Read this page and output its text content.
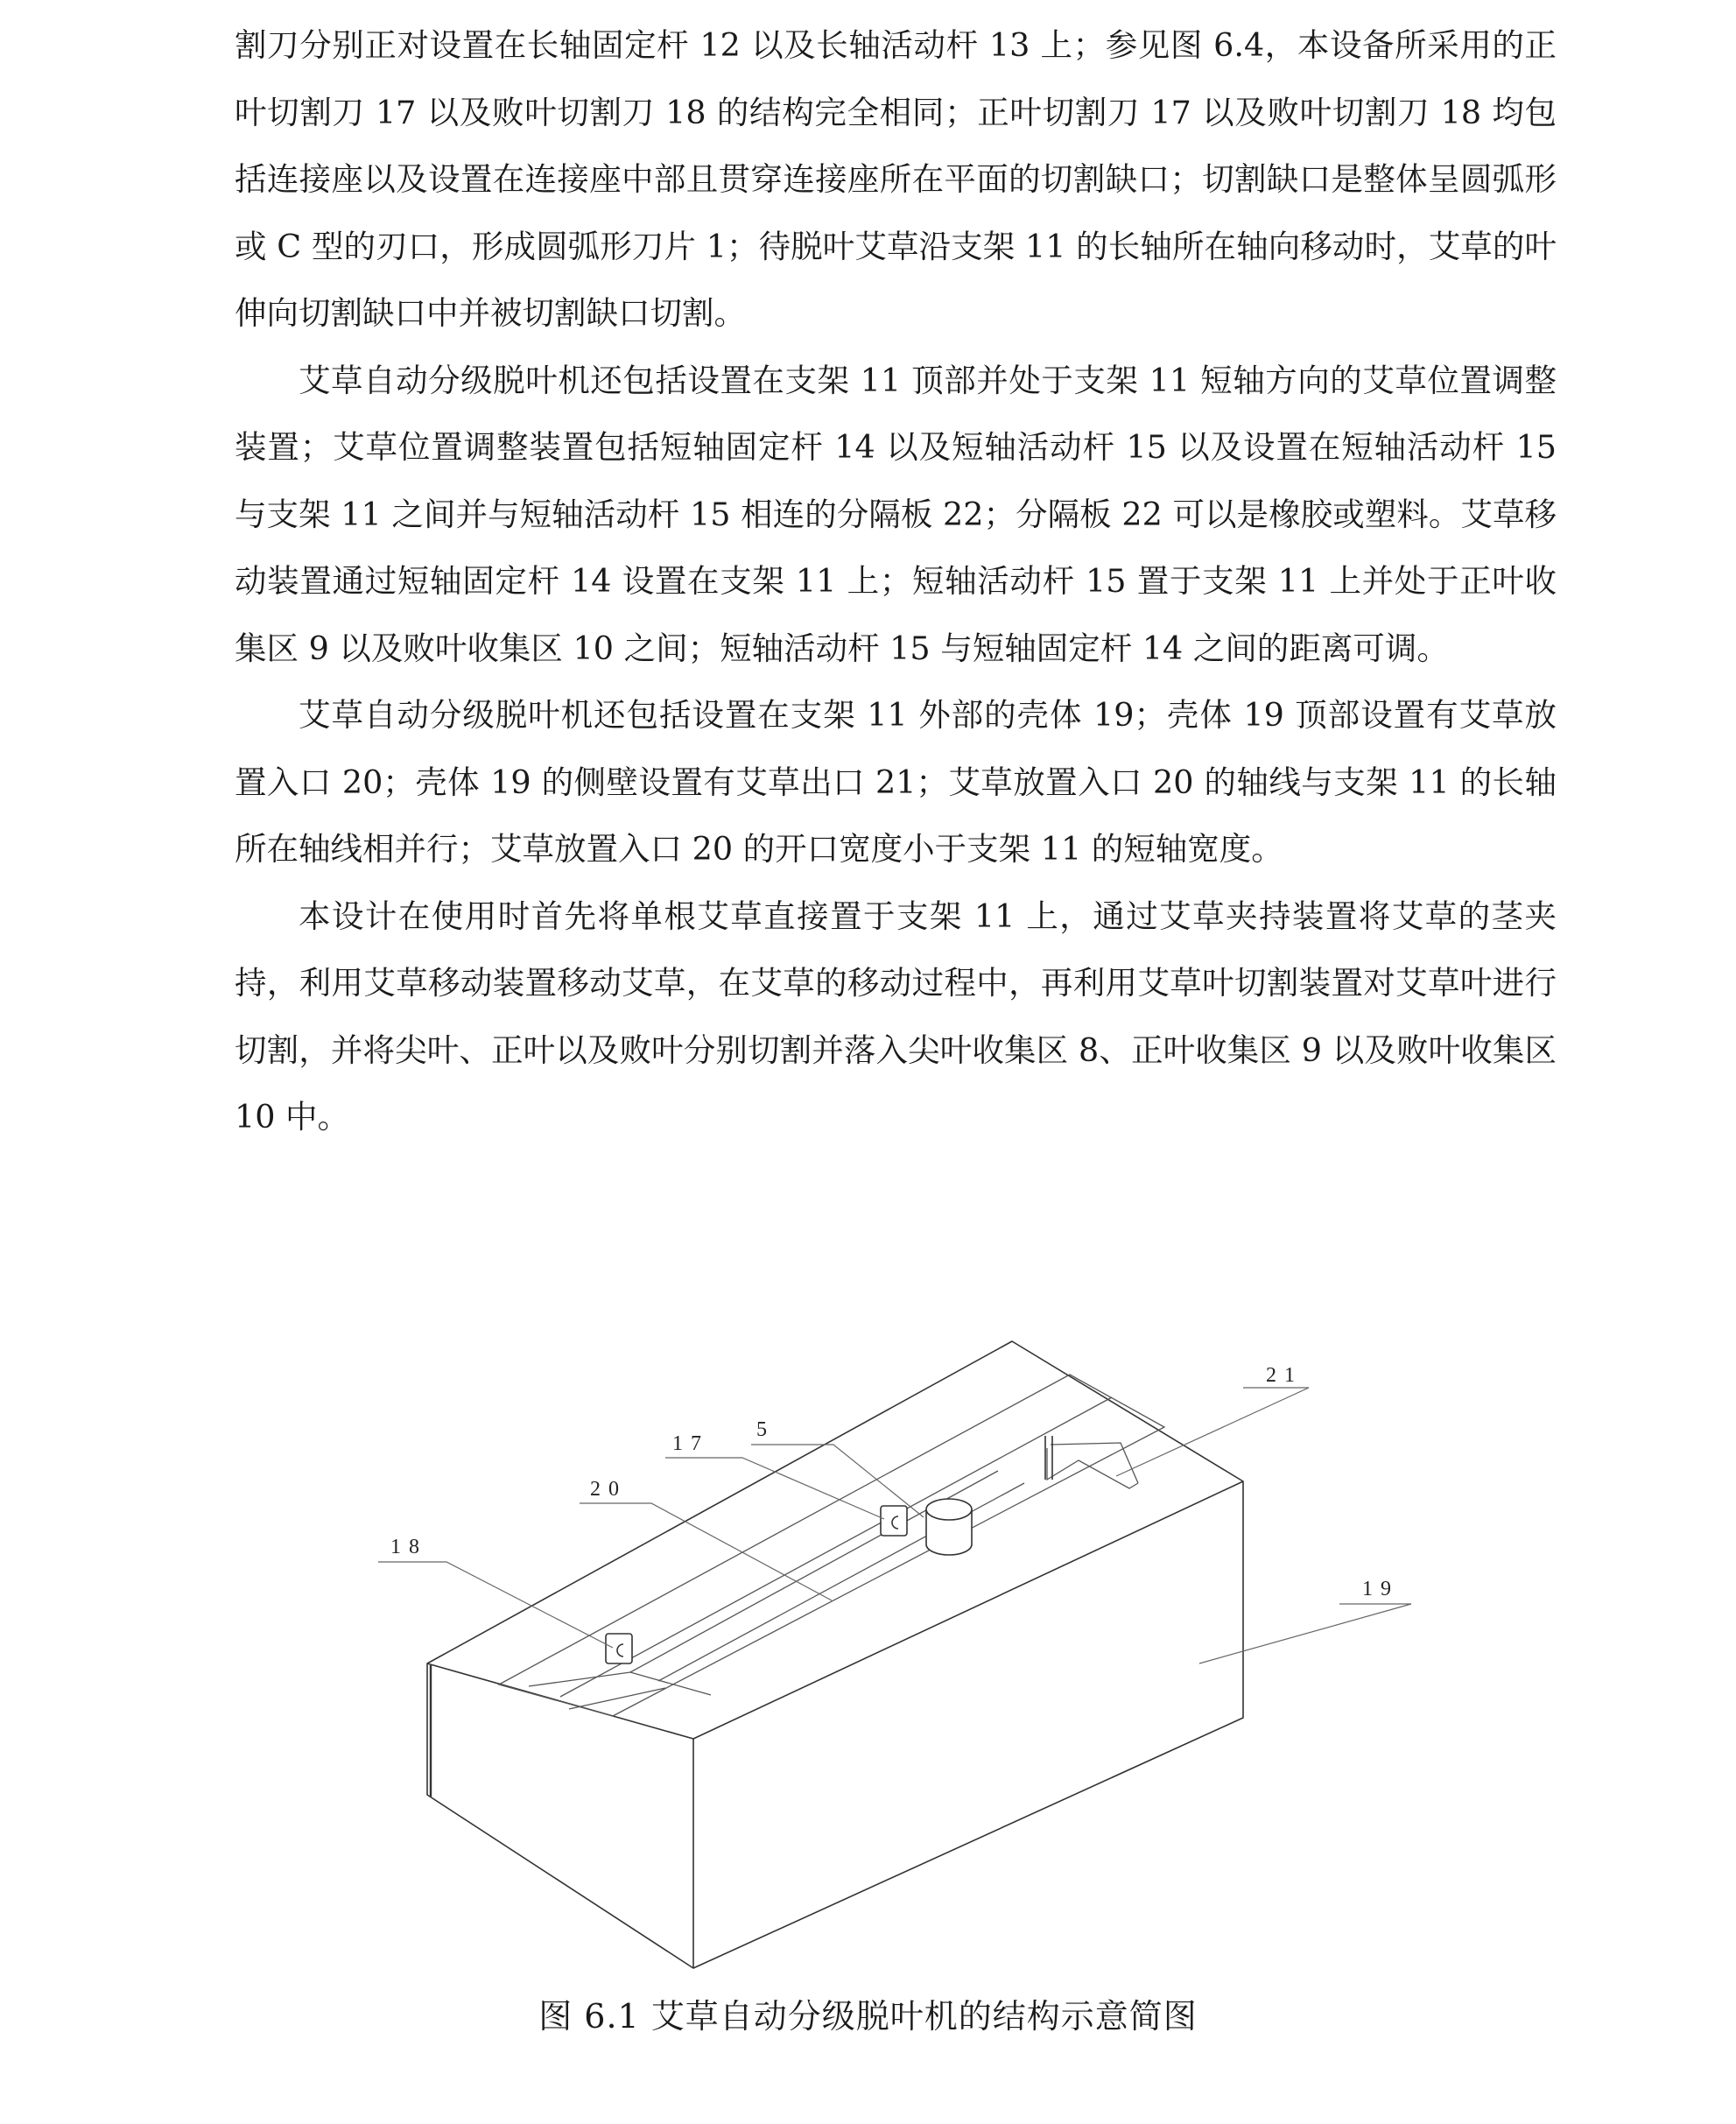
割刀分别正对设置在长轴固定杆 12 以及长轴活动杆 13 上；参见图 6.4，本设备所采用的正叶切割刀 17 以及败叶切割刀 18 的结构完全相同；正叶切割刀 17 以及败叶切割刀 18 均包括连接座以及设置在连接座中部且贯穿连接座所在平面的切割缺口；切割缺口是整体呈圆弧形或 C 型的刃口，形成圆弧形刀片 1；待脱叶艾草沿支架 11 的长轴所在轴向移动时，艾草的叶伸向切割缺口中并被切割缺口切割。

艾草自动分级脱叶机还包括设置在支架 11 顶部并处于支架 11 短轴方向的艾草位置调整装置；艾草位置调整装置包括短轴固定杆 14 以及短轴活动杆 15 以及设置在短轴活动杆 15 与支架 11 之间并与短轴活动杆 15 相连的分隔板 22；分隔板 22 可以是橡胶或塑料。艾草移动装置通过短轴固定杆 14 设置在支架 11 上；短轴活动杆 15 置于支架 11 上并处于正叶收集区 9 以及败叶收集区 10 之间；短轴活动杆 15 与短轴固定杆 14 之间的距离可调。

艾草自动分级脱叶机还包括设置在支架 11 外部的壳体 19；壳体 19 顶部设置有艾草放置入口 20；壳体 19 的侧壁设置有艾草出口 21；艾草放置入口 20 的轴线与支架 11 的长轴所在轴线相并行；艾草放置入口 20 的开口宽度小于支架 11 的短轴宽度。

本设计在使用时首先将单根艾草直接置于支架 11 上，通过艾草夹持装置将艾草的茎夹持，利用艾草移动装置移动艾草，在艾草的移动过程中，再利用艾草叶切割装置对艾草叶进行切割，并将尖叶、正叶以及败叶分别切割并落入尖叶收集区 8、正叶收集区 9 以及败叶收集区 10 中。

21
5
17
20
18
19
图 6.1 艾草自动分级脱叶机的结构示意简图
